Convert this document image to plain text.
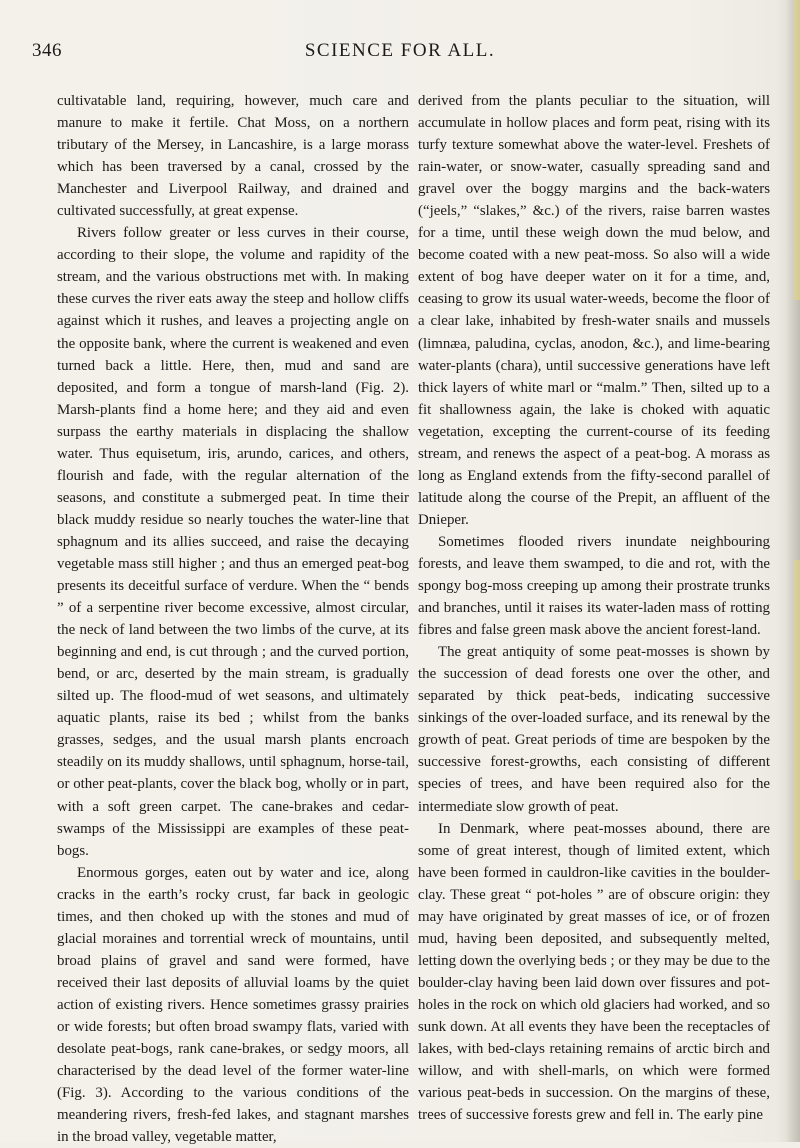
346	SCIENCE FOR ALL.

cultivatable land, requiring, however, much care and manure to make it fertile. Chat Moss, on a northern tributary of the Mersey, in Lancashire, is a large morass which has been traversed by a canal, crossed by the Manchester and Liverpool Railway, and drained and cultivated successfully, at great expense.

Rivers follow greater or less curves in their course, according to their slope, the volume and rapidity of the stream, and the various obstructions met with. In making these curves the river eats away the steep and hollow cliffs against which it rushes, and leaves a projecting angle on the opposite bank, where the current is weakened and even turned back a little. Here, then, mud and sand are deposited, and form a tongue of marsh-land (Fig. 2). Marsh-plants find a home here; and they aid and even surpass the earthy materials in displacing the shallow water. Thus equisetum, iris, arundo, carices, and others, flourish and fade, with the regular alternation of the seasons, and constitute a submerged peat. In time their black muddy residue so nearly touches the water-line that sphagnum and its allies succeed, and raise the decaying vegetable mass still higher ; and thus an emerged peat-bog presents its deceitful surface of verdure. When the “ bends ” of a serpentine river become excessive, almost circular, the neck of land between the two limbs of the curve, at its beginning and end, is cut through ; and the curved portion, bend, or arc, deserted by the main stream, is gradually silted up. The flood-mud of wet seasons, and ultimately aquatic plants, raise its bed ; whilst from the banks grasses, sedges, and the usual marsh plants encroach steadily on its muddy shallows, until sphagnum, horse-tail, or other peat-plants, cover the black bog, wholly or in part, with a soft green carpet. The cane-brakes and cedar-swamps of the Mississippi are examples of these peat-bogs.

Enormous gorges, eaten out by water and ice, along cracks in the earth’s rocky crust, far back in geologic times, and then choked up with the stones and mud of glacial moraines and torrential wreck of mountains, until broad plains of gravel and sand were formed, have received their last deposits of alluvial loams by the quiet action of existing rivers. Hence sometimes grassy prairies or wide forests; but often broad swampy flats, varied with desolate peat-bogs, rank cane-brakes, or sedgy moors, all characterised by the dead level of the former water-line (Fig. 3). According to the various conditions of the meandering rivers, fresh-fed lakes, and stagnant marshes in the broad valley, vegetable matter,

derived from the plants peculiar to the situation, will accumulate in hollow places and form peat, rising with its turfy texture somewhat above the water-level. Freshets of rain-water, or snow-water, casually spreading sand and gravel over the boggy margins and the back-waters (“jeels,” “slakes,” &c.) of the rivers, raise barren wastes for a time, until these weigh down the mud below, and become coated with a new peat-moss. So also will a wide extent of bog have deeper water on it for a time, and, ceasing to grow its usual water-weeds, become the floor of a clear lake, inhabited by fresh-water snails and mussels (limnæa, paludina, cyclas, anodon, &c.), and lime-bearing water-plants (chara), until successive generations have left thick layers of white marl or “malm.” Then, silted up to a fit shallowness again, the lake is choked with aquatic vegetation, excepting the current-course of its feeding stream, and renews the aspect of a peat-bog. A morass as long as England extends from the fifty-second parallel of latitude along the course of the Prepit, an affluent of the Dnieper.

Sometimes flooded rivers inundate neighbouring forests, and leave them swamped, to die and rot, with the spongy bog-moss creeping up among their prostrate trunks and branches, until it raises its water-laden mass of rotting fibres and false green mask above the ancient forest-land.

The great antiquity of some peat-mosses is shown by the succession of dead forests one over the other, and separated by thick peat-beds, indicating successive sinkings of the over-loaded surface, and its renewal by the growth of peat. Great periods of time are bespoken by the successive forest-growths, each consisting of different species of trees, and have been required also for the intermediate slow growth of peat.

In Denmark, where peat-mosses abound, there are some of great interest, though of limited extent, which have been formed in cauldron-like cavities in the boulder-clay. These great “ pot-holes ” are of obscure origin: they may have originated by great masses of ice, or of frozen mud, having been deposited, and subsequently melted, letting down the overlying beds ; or they may be due to the boulder-clay having been laid down over fissures and pot-holes in the rock on which old glaciers had worked, and so sunk down. At all events they have been the receptacles of lakes, with bed-clays retaining remains of arctic birch and willow, and with shell-marls, on which were formed various peat-beds in succession. On the margins of these, trees of successive forests grew and fell in. The early pine
